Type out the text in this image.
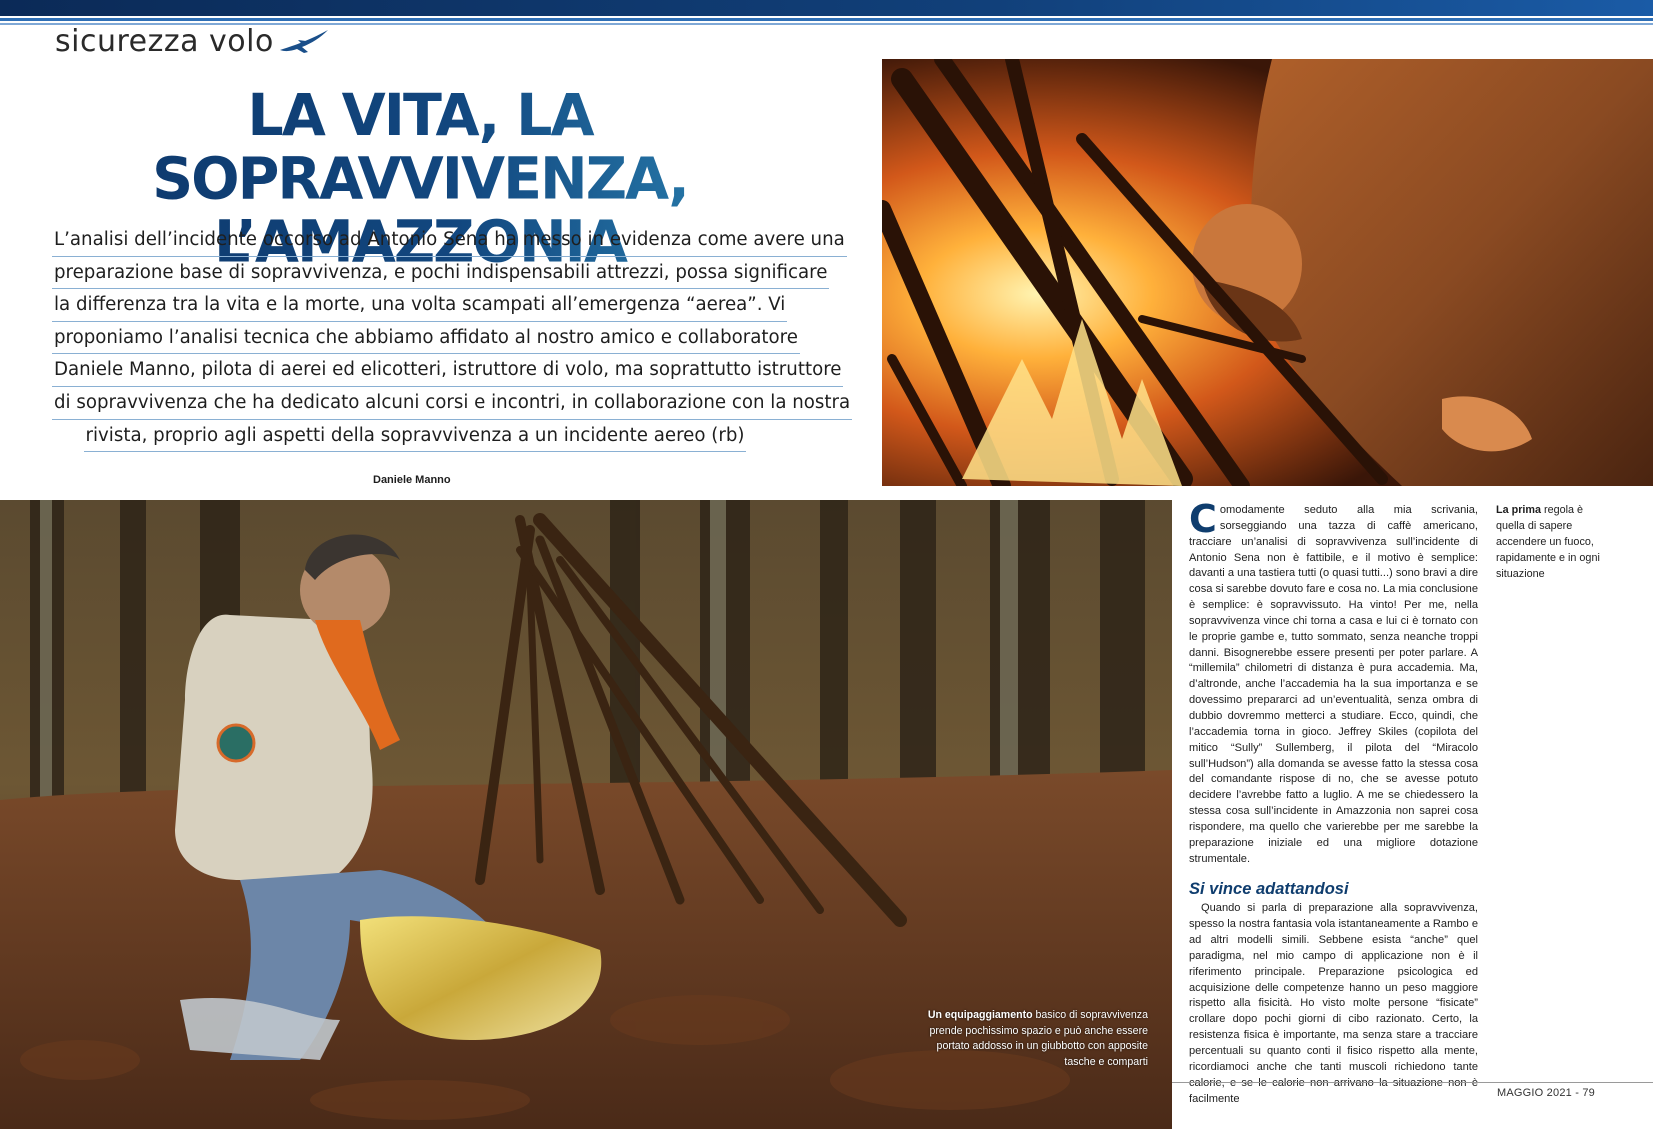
sicurezza volo
LA VITA, LA SOPRAVVIVENZA,
L’AMAZZONIA
L’analisi dell’incidente occorso ad Antonio Sena ha messo in evidenza come avere una
preparazione base di sopravvivenza, e pochi indispensabili attrezzi, possa significare
la differenza tra la vita e la morte, una volta scampati all’emergenza “aerea”. Vi
proponiamo l’analisi tecnica che abbiamo affidato al nostro amico e collaboratore
Daniele Manno, pilota di aerei ed elicotteri, istruttore di volo, ma soprattutto istruttore
di sopravvivenza che ha dedicato alcuni corsi e incontri, in collaborazione con la nostra
rivista, proprio agli aspetti della sopravvivenza a un incidente aereo (rb)
Daniele Manno
Un equipaggiamento basico di sopravvivenza prende pochissimo spazio e può anche essere portato addosso in un giubbotto con apposite tasche e comparti

Comodamente seduto alla mia scrivania, sorseggiando una tazza di caffè americano, tracciare un’analisi di sopravvivenza sull’incidente di Antonio Sena non è fattibile, e il motivo è semplice: davanti a una tastiera tutti (o quasi tutti...) sono bravi a dire cosa si sarebbe dovuto fare e cosa no. La mia conclusione è semplice: è sopravvissuto. Ha vinto! Per me, nella sopravvivenza vince chi torna a casa e lui ci è tornato con le proprie gambe e, tutto sommato, senza neanche troppi danni. Bisognerebbe essere presenti per poter parlare. A “millemila” chilometri di distanza è pura accademia. Ma, d’altronde, anche l’accademia ha la sua importanza e se dovessimo prepararci ad un’eventualità, senza ombra di dubbio dovremmo metterci a studiare. Ecco, quindi, che l’accademia torna in gioco. Jeffrey Skiles (copilota del mitico “Sully” Sullemberg, il pilota del “Miracolo sull’Hudson”) alla domanda se avesse fatto la stessa cosa del comandante rispose di no, che se avesse potuto decidere l’avrebbe fatto a luglio. A me se chiedessero la stessa cosa sull’incidente in Amazzonia non saprei cosa rispondere, ma quello che varierebbe per me sarebbe la preparazione iniziale ed una migliore dotazione strumentale.

Si vince adattandosi

Quando si parla di preparazione alla sopravvivenza, spesso la nostra fantasia vola istantaneamente a Rambo e ad altri modelli simili. Sebbene esista “anche” quel paradigma, nel mio campo di applicazione non è il riferimento principale. Preparazione psicologica ed acquisizione delle competenze hanno un peso maggiore rispetto alla fisicità. Ho visto molte persone “fisicate” crollare dopo pochi giorni di cibo razionato. Certo, la resistenza fisica è importante, ma senza stare a tracciare percentuali su quanto conti il fisico rispetto alla mente, ricordiamoci anche che tanti muscoli richiedono tante facilmente

La prima regola è quella di sapere accendere un fuoco, rapidamente e in ogni situazione
MAGGIO 2021 - 79
